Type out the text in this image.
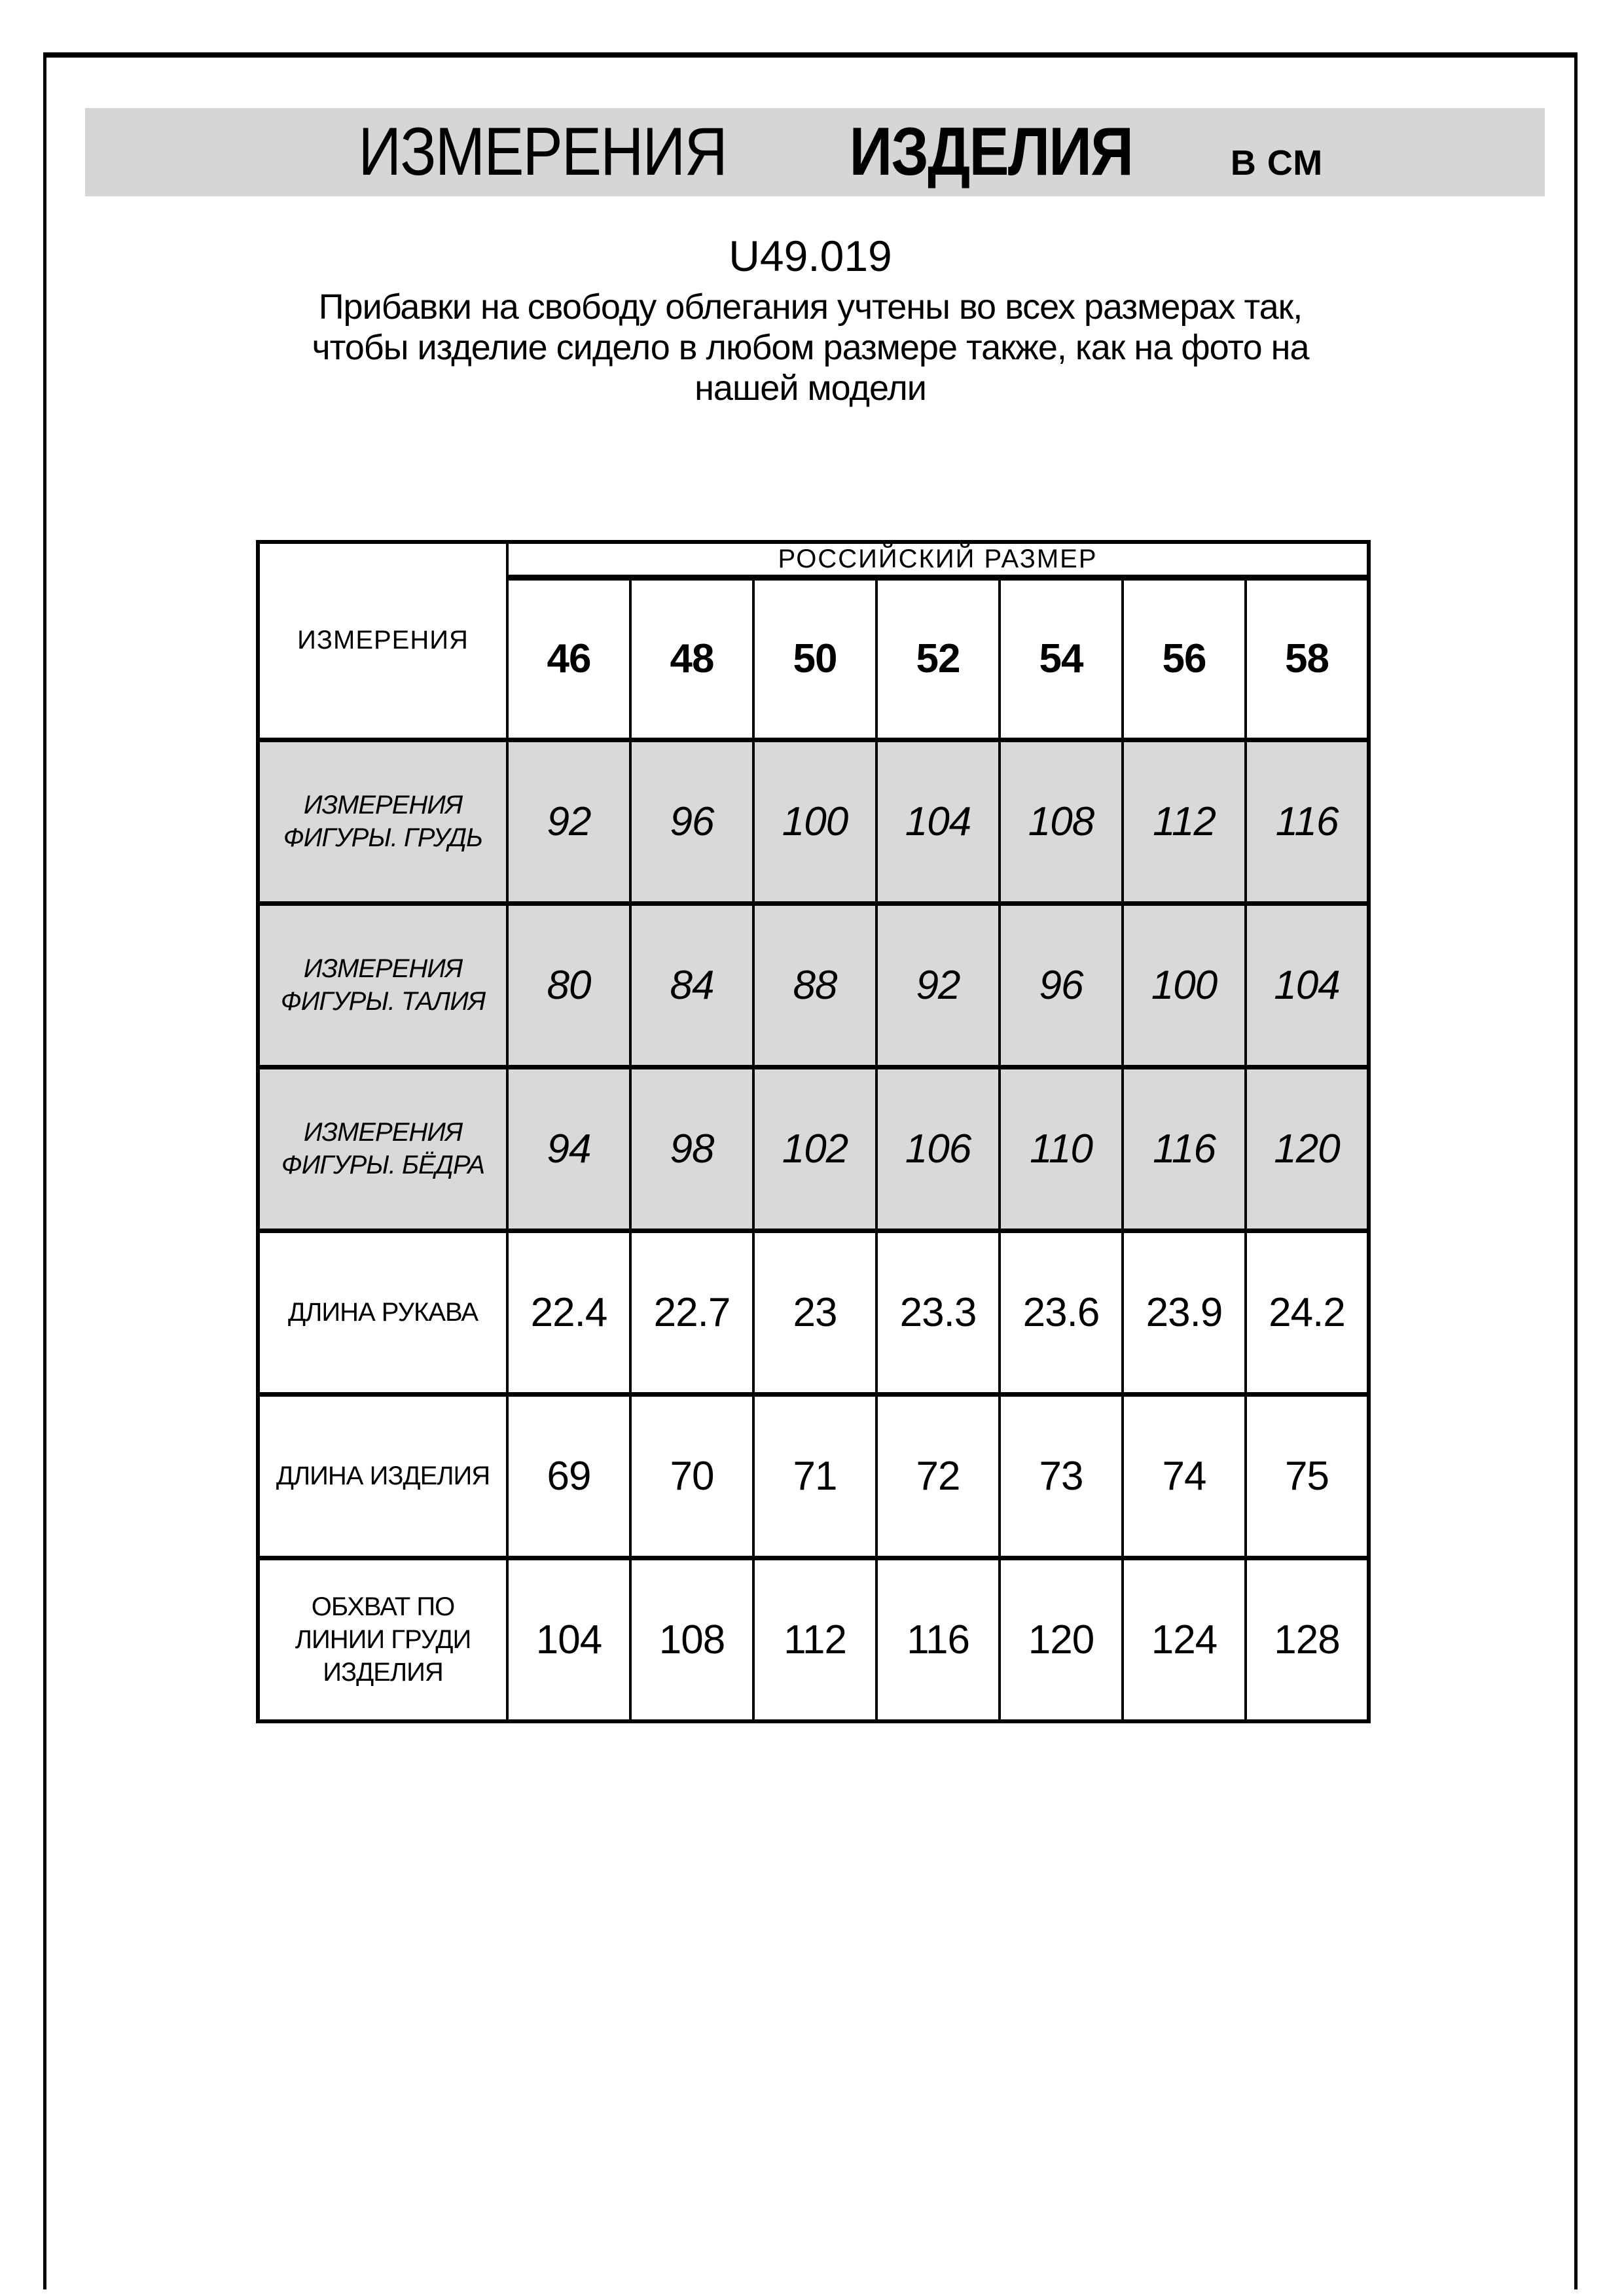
ИЗМЕРЕНИЯ ИЗДЕЛИЯ	В СМ
U49.019
Прибавки на свободу облегания учтены во всех размерах так,
чтобы изделие сидело в любом размере также, как на фото на
нашей модели
ИЗМЕРЕНИЯ	РОССИЙСКИЙ РАЗМЕР						
	46	48	50	52	54	56	58

ИЗМЕРЕНИЯ
ФИГУРЫ. ГРУДЬ	92	96	100	104	108	112	116

ИЗМЕРЕНИЯ
ФИГУРЫ. ТАЛИЯ	80	84	88	92	96	100	104

ИЗМЕРЕНИЯ
ФИГУРЫ. БЁДРА	94	98	102	106	110	116	120

ДЛИНА РУКАВА	22.4	22.7	23	23.3	23.6	23.9	24.2

ДЛИНА ИЗДЕЛИЯ	69	70	71	72	73	74	75

ОБХВАТ ПО
ЛИНИИ ГРУДИ
ИЗДЕЛИЯ	104	108	112	116	120	124	128
